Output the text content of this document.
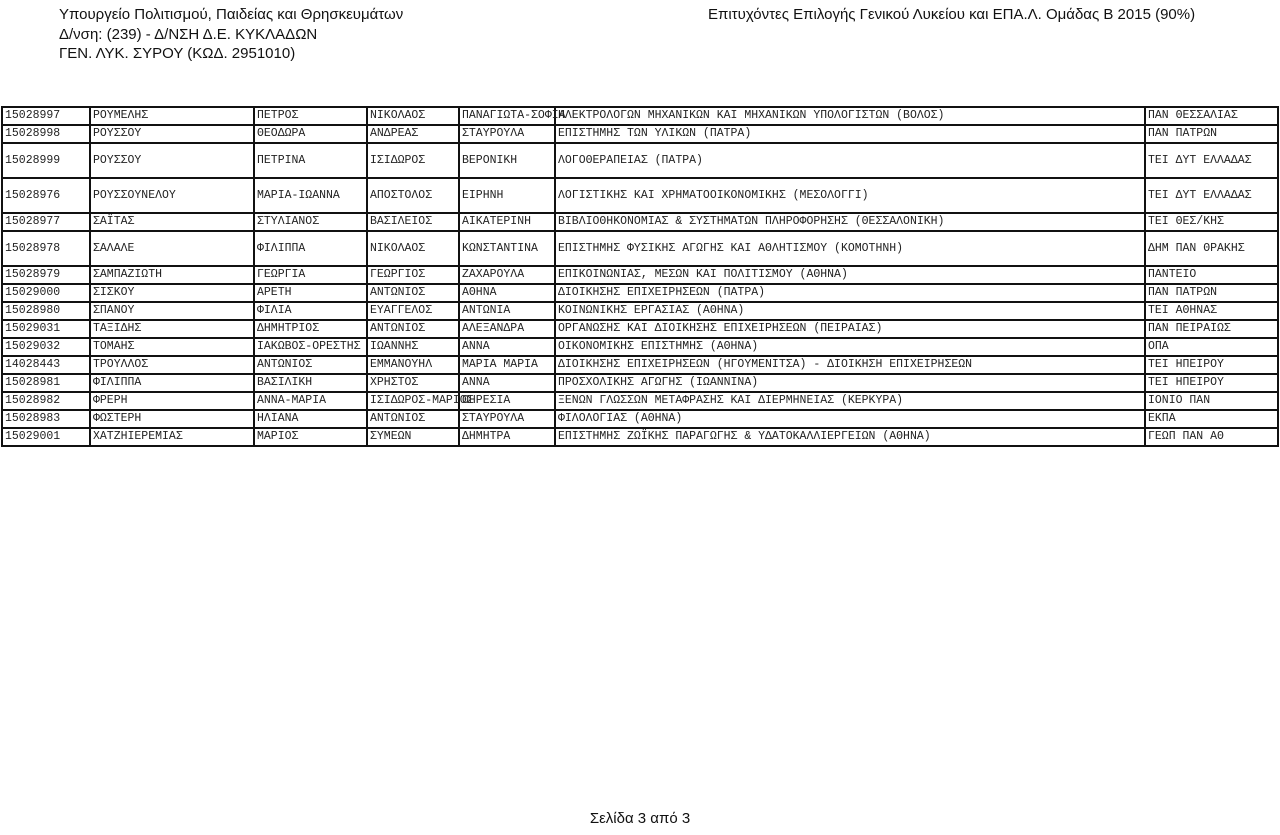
Υπουργείο Πολιτισμού, Παιδείας και Θρησκευμάτων
Δ/νση: (239) - Δ/ΝΣΗ Δ.Ε. ΚΥΚΛΑΔΩΝ
ΓΕΝ. ΛΥΚ. ΣΥΡΟΥ (ΚΩΔ. 2951010)
Επιτυχόντες Επιλογής Γενικού Λυκείου και ΕΠΑ.Λ. Ομάδας Β 2015 (90%)
15028997	ΡΟΥΜΕΛΗΣ	ΠΕΤΡΟΣ	ΝΙΚΟΛΑΟΣ	ΠΑΝΑΓΙΩΤΑ-ΣΟΦΙΑ	ΗΛΕΚΤΡΟΛΟΓΩΝ ΜΗΧΑΝΙΚΩΝ ΚΑΙ ΜΗΧΑΝΙΚΩΝ ΥΠΟΛΟΓΙΣΤΩΝ (ΒΟΛΟΣ)	ΠΑΝ ΘΕΣΣΑΛΙΑΣ
15028998	ΡΟΥΣΣΟΥ	ΘΕΟΔΩΡΑ	ΑΝΔΡΕΑΣ	ΣΤΑΥΡΟΥΛΑ	ΕΠΙΣΤΗΜΗΣ ΤΩΝ ΥΛΙΚΩΝ (ΠΑΤΡΑ)	ΠΑΝ ΠΑΤΡΩΝ
15028999	ΡΟΥΣΣΟΥ	ΠΕΤΡΙΝΑ	ΙΣΙΔΩΡΟΣ	ΒΕΡΟΝΙΚΗ	ΛΟΓΟΘΕΡΑΠΕΙΑΣ (ΠΑΤΡΑ)	ΤΕΙ ΔΥΤ ΕΛΛΑΔΑΣ
15028976	ΡΟΥΣΣΟΥΝΕΛΟΥ	ΜΑΡΙΑ-ΙΩΑΝΝΑ	ΑΠΟΣΤΟΛΟΣ	ΕΙΡΗΝΗ	ΛΟΓΙΣΤΙΚΗΣ ΚΑΙ ΧΡΗΜΑΤΟΟΙΚΟΝΟΜΙΚΗΣ (ΜΕΣΟΛΟΓΓΙ)	ΤΕΙ ΔΥΤ ΕΛΛΑΔΑΣ
15028977	ΣΑΪΤΑΣ	ΣΤΥΛΙΑΝΟΣ	ΒΑΣΙΛΕΙΟΣ	ΑΙΚΑΤΕΡΙΝΗ	ΒΙΒΛΙΟΘΗΚΟΝΟΜΙΑΣ & ΣΥΣΤΗΜΑΤΩΝ ΠΛΗΡΟΦΟΡΗΣΗΣ (ΘΕΣΣΑΛΟΝΙΚΗ)	ΤΕΙ ΘΕΣ/ΚΗΣ
15028978	ΣΑΛΑΛΕ	ΦΙΛΙΠΠΑ	ΝΙΚΟΛΑΟΣ	ΚΩΝΣΤΑΝΤΙΝΑ	ΕΠΙΣΤΗΜΗΣ ΦΥΣΙΚΗΣ ΑΓΩΓΗΣ ΚΑΙ ΑΘΛΗΤΙΣΜΟΥ (ΚΟΜΟΤΗΝΗ)	ΔΗΜ ΠΑΝ ΘΡΑΚΗΣ
15028979	ΣΑΜΠΑΖΙΩΤΗ	ΓΕΩΡΓΙΑ	ΓΕΩΡΓΙΟΣ	ΖΑΧΑΡΟΥΛΑ	ΕΠΙΚΟΙΝΩΝΙΑΣ, ΜΕΣΩΝ ΚΑΙ ΠΟΛΙΤΙΣΜΟΥ (ΑΘΗΝΑ)	ΠΑΝΤΕΙΟ
15029000	ΣΙΣΚΟΥ	ΑΡΕΤΗ	ΑΝΤΩΝΙΟΣ	ΑΘΗΝΑ	ΔΙΟΙΚΗΣΗΣ ΕΠΙΧΕΙΡΗΣΕΩΝ (ΠΑΤΡΑ)	ΠΑΝ ΠΑΤΡΩΝ
15028980	ΣΠΑΝΟΥ	ΦΙΛΙΑ	ΕΥΑΓΓΕΛΟΣ	ΑΝΤΩΝΙΑ	ΚΟΙΝΩΝΙΚΗΣ ΕΡΓΑΣΙΑΣ (ΑΘΗΝΑ)	ΤΕΙ ΑΘΗΝΑΣ
15029031	ΤΑΞΙΔΗΣ	ΔΗΜΗΤΡΙΟΣ	ΑΝΤΩΝΙΟΣ	ΑΛΕΞΑΝΔΡΑ	ΟΡΓΑΝΩΣΗΣ ΚΑΙ ΔΙΟΙΚΗΣΗΣ ΕΠΙΧΕΙΡΗΣΕΩΝ (ΠΕΙΡΑΙΑΣ)	ΠΑΝ ΠΕΙΡΑΙΩΣ
15029032	ΤΟΜΑΗΣ	ΙΑΚΩΒΟΣ-ΟΡΕΣΤΗΣ	ΙΩΑΝΝΗΣ	ΑΝΝΑ	ΟΙΚΟΝΟΜΙΚΗΣ ΕΠΙΣΤΗΜΗΣ (ΑΘΗΝΑ)	ΟΠΑ
14028443	ΤΡΟΥΛΛΟΣ	ΑΝΤΩΝΙΟΣ	ΕΜΜΑΝΟΥΗΛ	ΜΑΡΙΑ ΜΑΡΙΑ	ΔΙΟΙΚΗΣΗΣ ΕΠΙΧΕΙΡΗΣΕΩΝ (ΗΓΟΥΜΕΝΙΤΣΑ) - ΔΙΟΙΚΗΣΗ ΕΠΙΧΕΙΡΗΣΕΩΝ	ΤΕΙ ΗΠΕΙΡΟΥ
15028981	ΦΙΛΙΠΠΑ	ΒΑΣΙΛΙΚΗ	ΧΡΗΣΤΟΣ	ΑΝΝΑ	ΠΡΟΣΧΟΛΙΚΗΣ ΑΓΩΓΗΣ (ΙΩΑΝΝΙΝΑ)	ΤΕΙ ΗΠΕΙΡΟΥ
15028982	ΦΡΕΡΗ	ΑΝΝΑ-ΜΑΡΙΑ	ΙΣΙΔΩΡΟΣ-ΜΑΡΙΟΣ	ΘΗΡΕΣΙΑ	ΞΕΝΩΝ ΓΛΩΣΣΩΝ ΜΕΤΑΦΡΑΣΗΣ ΚΑΙ ΔΙΕΡΜΗΝΕΙΑΣ (ΚΕΡΚΥΡΑ)	ΙΟΝΙΟ ΠΑΝ
15028983	ΦΩΣΤΕΡΗ	ΗΛΙΑΝΑ	ΑΝΤΩΝΙΟΣ	ΣΤΑΥΡΟΥΛΑ	ΦΙΛΟΛΟΓΙΑΣ (ΑΘΗΝΑ)	ΕΚΠΑ
15029001	ΧΑΤΖΗΙΕΡΕΜΙΑΣ	ΜΑΡΙΟΣ	ΣΥΜΕΩΝ	ΔΗΜΗΤΡΑ	ΕΠΙΣΤΗΜΗΣ ΖΩΪΚΗΣ ΠΑΡΑΓΩΓΗΣ & ΥΔΑΤΟΚΑΛΛΙΕΡΓΕΙΩΝ (ΑΘΗΝΑ)	ΓΕΩΠ ΠΑΝ ΑΘ
Σελίδα 3 από 3
